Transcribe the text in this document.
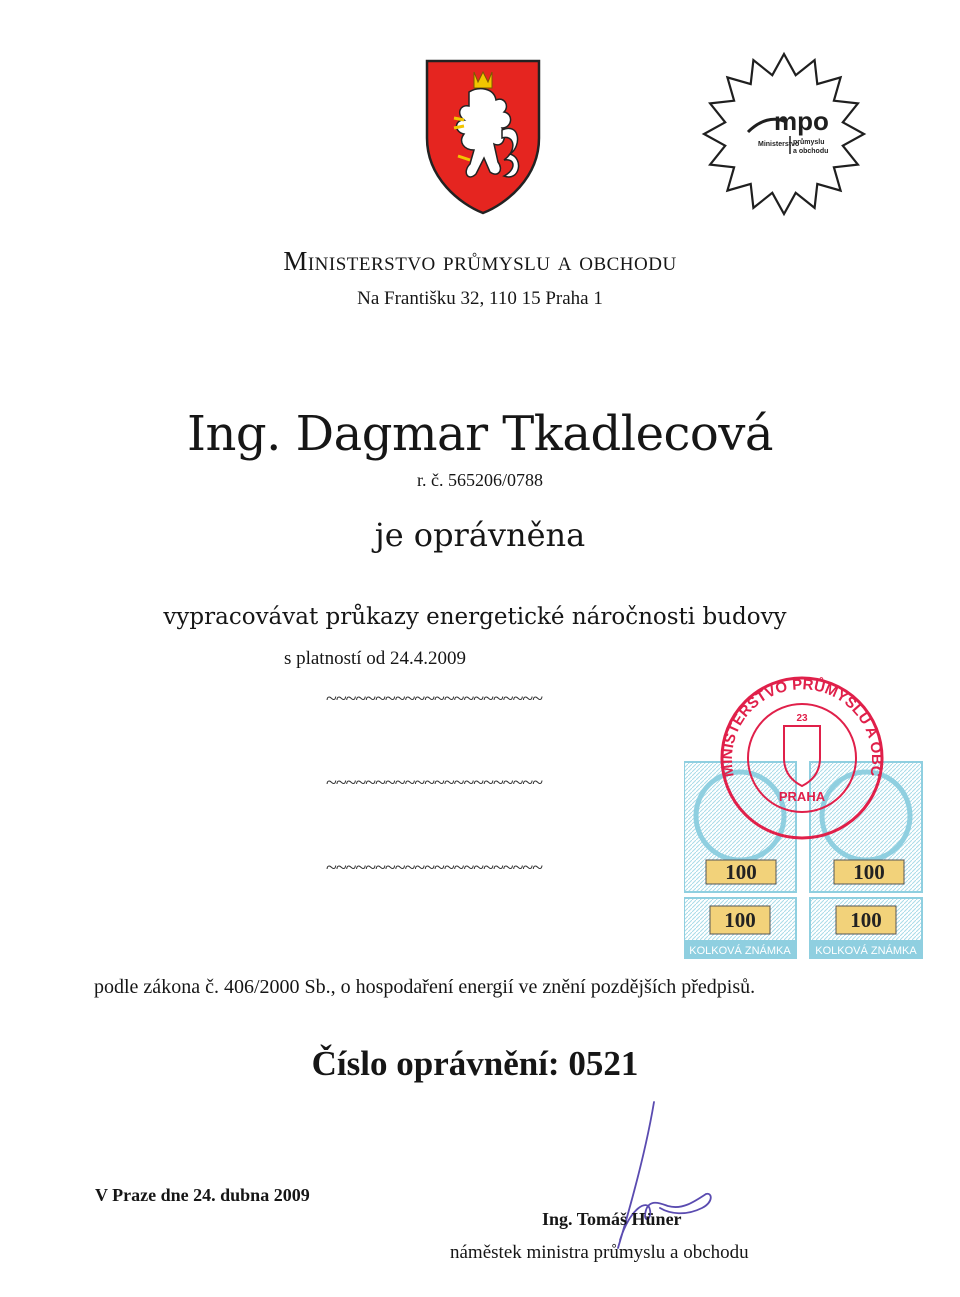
mpo
Ministerstvo
průmyslu
a obchodu
Ministerstvo průmyslu a obchodu
Na Františku 32, 110 15 Praha 1
Ing. Dagmar Tkadlecová
r. č. 565206/0788
je oprávněna
vypracovávat průkazy energetické náročnosti budovy
s platností od 24.4.2009
~~~~~~~~~~~~~~~~~~~~~~
~~~~~~~~~~~~~~~~~~~~~~
~~~~~~~~~~~~~~~~~~~~~~	100	100
100
KOLKOVÁ ZNÁMKA
100
KOLKOVÁ ZNÁMKA
23
PRAHA
MINISTERSTVO PRŮMYSLU A OBC
podle zákona č. 406/2000 Sb., o hospodaření energií ve znění pozdějších předpisů.
Číslo oprávnění: 0521
V Praze dne 24. dubna 2009
Ing. Tomáš Hüner
náměstek ministra průmyslu a obchodu
